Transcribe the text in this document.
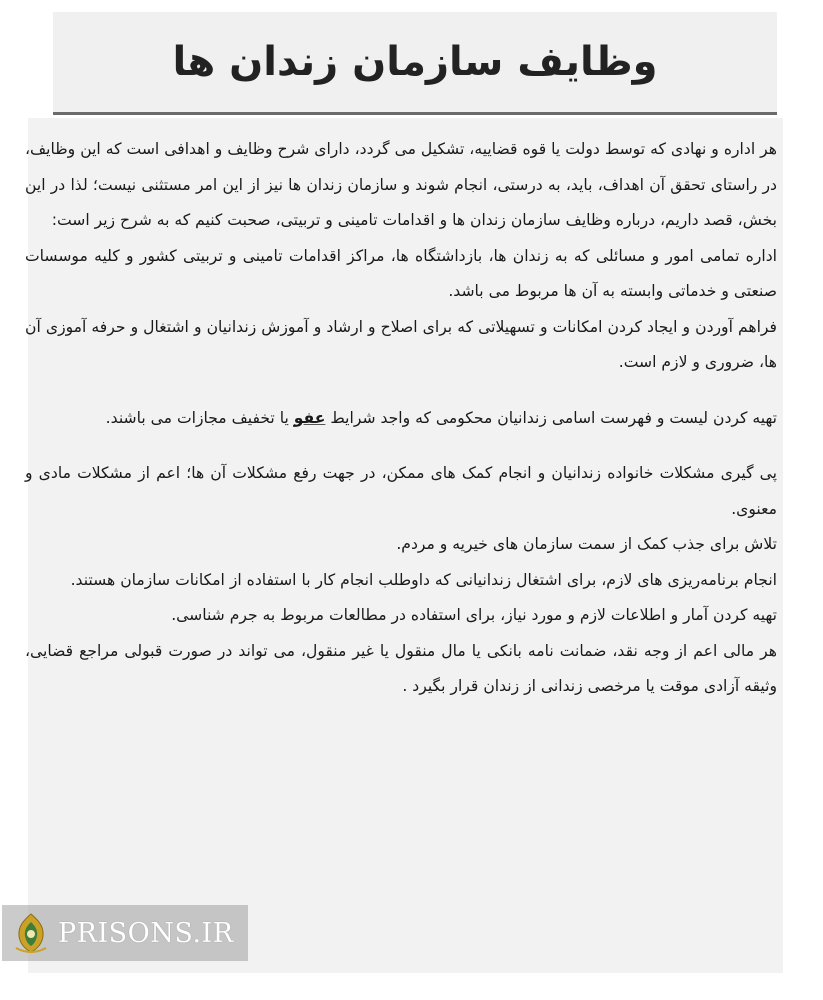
وظایف سازمان زندان ها

هر اداره و نهادی که توسط دولت یا قوه قضاییه، تشکیل می گردد، دارای شرح وظایف و اهدافی است که این وظایف، در راستای تحقق آن اهداف، باید، به درستی، انجام شوند و سازمان زندان ها نیز از این امر مستثنی نیست؛ لذا در این بخش، قصد داریم، درباره وظایف سازمان زندان ها و اقدامات تامینی و تربیتی، صحبت کنیم که به شرح زیر است:

اداره تمامی امور و مسائلی که به زندان ها، بازداشتگاه ها، مراکز اقدامات تامینی و تربیتی کشور و کلیه موسسات صنعتی و خدماتی وابسته به آن ها مربوط می باشد.

فراهم آوردن و ایجاد کردن امکانات و تسهیلاتی که برای اصلاح و ارشاد و آموزش زندانیان و اشتغال و حرفه آموزی آن ها، ضروری و لازم است.

تهیه کردن لیست و فهرست اسامی زندانیان محکومی که واجد شرایط عفو یا تخفیف مجازات می باشند.

پی گیری مشکلات خانواده زندانیان و انجام کمک های ممکن، در جهت رفع مشکلات آن ها؛ اعم از مشکلات مادی و معنوی.

تلاش برای جذب کمک از سمت سازمان های خیریه و مردم.

انجام برنامه‌ریزی های لازم، برای اشتغال زندانیانی که داوطلب انجام کار با استفاده از امکانات سازمان هستند.

تهیه کردن آمار و اطلاعات لازم و مورد نیاز، برای استفاده در مطالعات مربوط به جرم شناسی.

هر مالی اعم از وجه نقد، ضمانت نامه بانکی یا مال منقول یا غیر منقول، می تواند در صورت قبولی مراجع قضایی، وثیقه آزادی موقت یا مرخصی زندانی از زندان قرار بگیرد .

PRISONS.IR
